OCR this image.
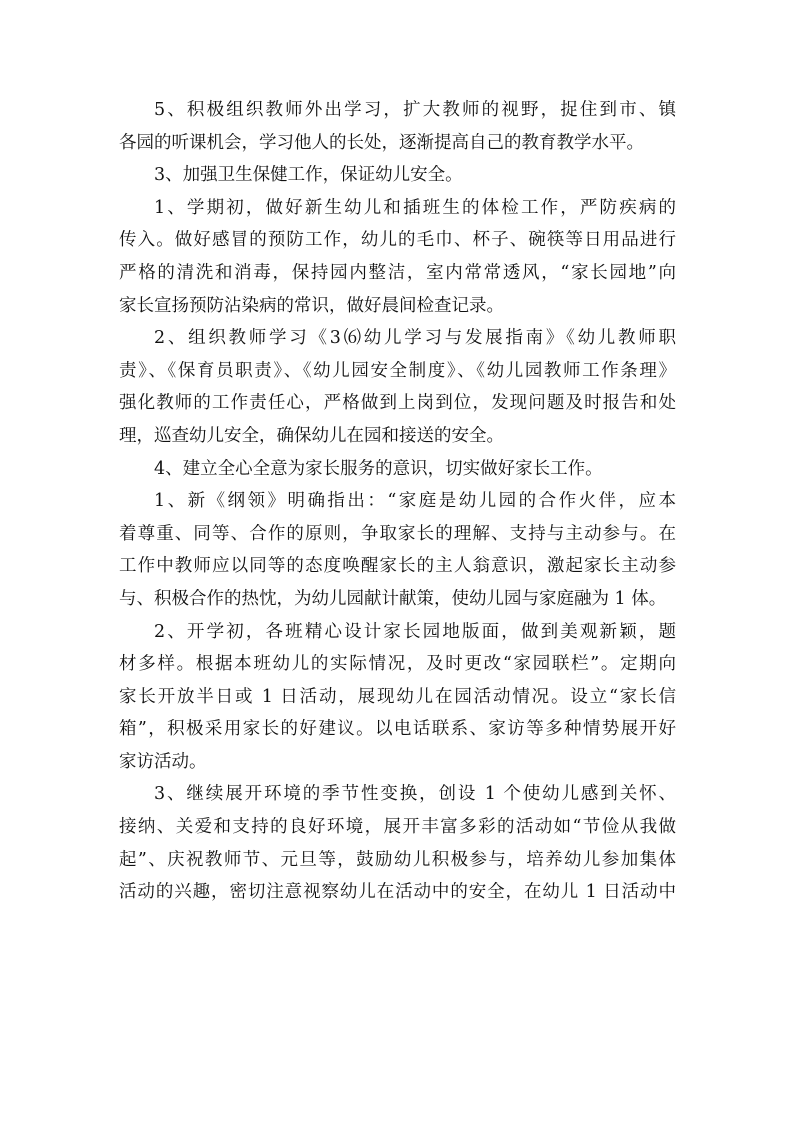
5、积极组织教师外出学习，扩大教师的视野，捉住到市、镇
各园的听课机会，学习他人的长处，逐渐提高自己的教育教学水平。

3、加强卫生保健工作，保证幼儿安全。

1、学期初，做好新生幼儿和插班生的体检工作，严防疾病的
传入。做好感冒的预防工作，幼儿的毛巾、杯子、碗筷等日用品进行
严格的清洗和消毒，保持园内整洁，室内常常透风，“家长园地”向
家长宣扬预防沾染病的常识，做好晨间检查记录。

2、组织教师学习《3⑹幼儿学习与发展指南》《幼儿教师职
责》、《保育员职责》、《幼儿园安全制度》、《幼儿园教师工作条理》
强化教师的工作责任心，严格做到上岗到位，发现问题及时报告和处
理，巡查幼儿安全，确保幼儿在园和接送的安全。

4、建立全心全意为家长服务的意识，切实做好家长工作。

1、新《纲领》明确指出：“家庭是幼儿园的合作火伴，应本
着尊重、同等、合作的原则，争取家长的理解、支持与主动参与。在
工作中教师应以同等的态度唤醒家长的主人翁意识，激起家长主动参
与、积极合作的热忱，为幼儿园献计献策，使幼儿园与家庭融为 1 体。

2、开学初，各班精心设计家长园地版面，做到美观新颖，题
材多样。根据本班幼儿的实际情况，及时更改“家园联栏”。定期向
家长开放半日或 1 日活动，展现幼儿在园活动情况。设立“家长信
箱”，积极采用家长的好建议。以电话联系、家访等多种情势展开好
家访活动。

3、继续展开环境的季节性变换，创设 1 个使幼儿感到关怀、
接纳、关爱和支持的良好环境，展开丰富多彩的活动如“节俭从我做
起”、庆祝教师节、元旦等，鼓励幼儿积极参与，培养幼儿参加集体
活动的兴趣，密切注意视察幼儿在活动中的安全，在幼儿 1 日活动中
